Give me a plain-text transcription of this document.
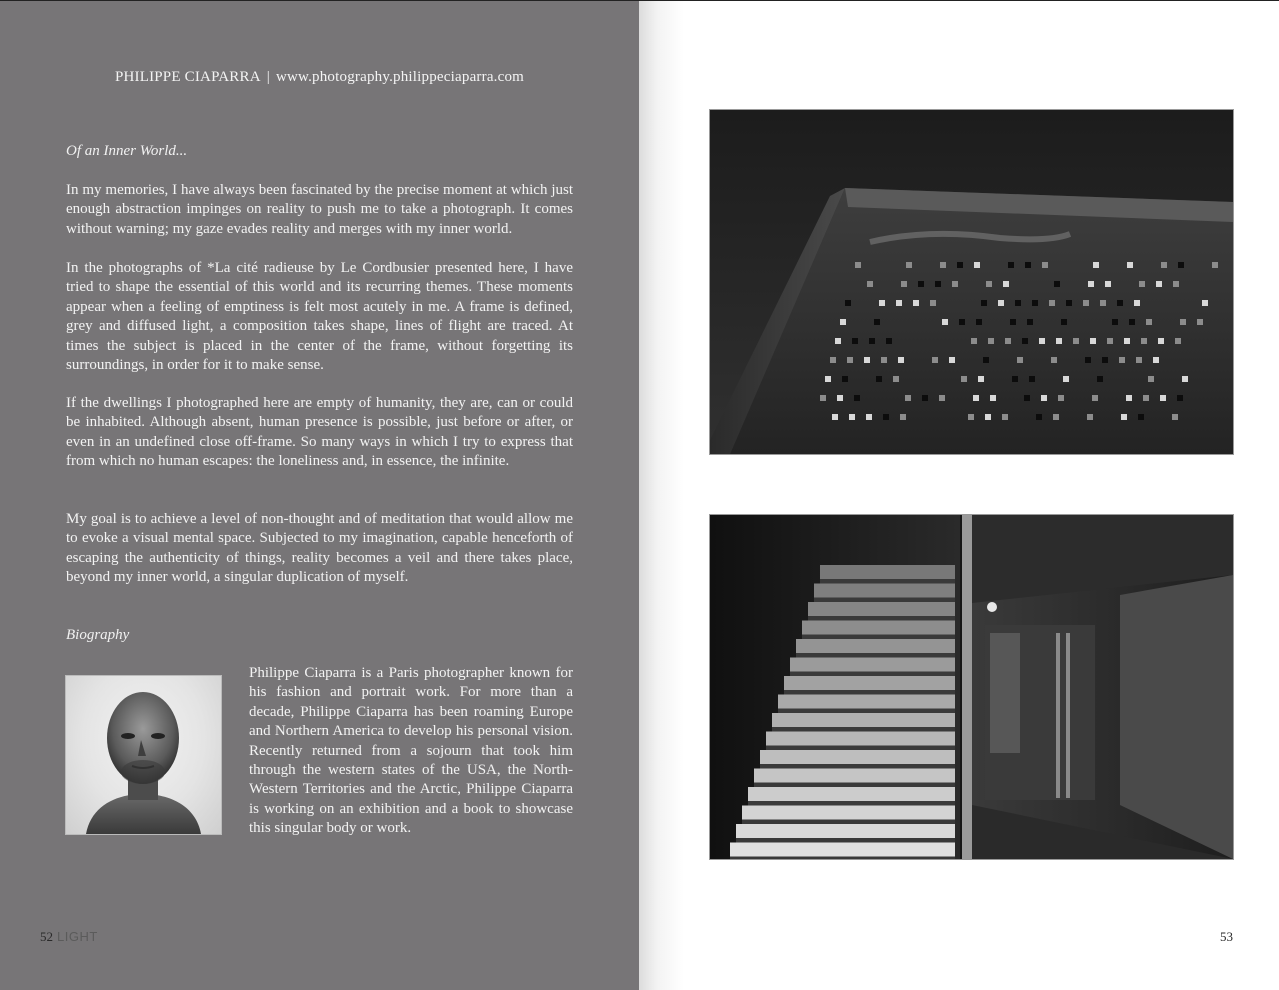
PHILIPPE CIAPARRA | www.photography.philippeciaparra.com
Of an Inner World...

In my memories, I have always been fascinated by the precise moment at which just enough abstraction impinges on reality to push me to take a photograph. It comes without warning; my gaze evades reality and merges with my inner world.

In the photographs of *La cité radieuse by Le Cordbusier presented here, I have tried to shape the essential of this world and its recurring themes. These moments appear when a feeling of emptiness is felt most acutely in me. A frame is defined, grey and diffused light, a composition takes shape, lines of flight are traced. At times the subject is placed in the center of the frame, without forgetting its surroundings, in order for it to make sense.

If the dwellings I photographed here are empty of humanity, they are, can or could be inhabited. Although absent, human presence is possible, just before or after, or even in an undefined close off-frame. So many ways in which I try to express that from which no human escapes: the loneliness and, in essence, the infinite.

My goal is to achieve a level of non-thought and of meditation that would allow me to evoke a visual mental space. Subjected to my imagination, capable henceforth of escaping the authenticity of things, reality becomes a veil and there takes place, beyond my inner world, a singular duplication of myself.

Biography

Philippe Ciaparra is a Paris photographer known for his fashion and portrait work. For more than a decade, Philippe Ciaparra has been roaming Europe and Northern America to develop his personal vision. Recently returned from a sojourn that took him through the western states of the USA, the North-Western Territories and the Arctic, Philippe Ciaparra is working on an exhibition and a book to showcase this singular body or work.

52 LIGHT	53
